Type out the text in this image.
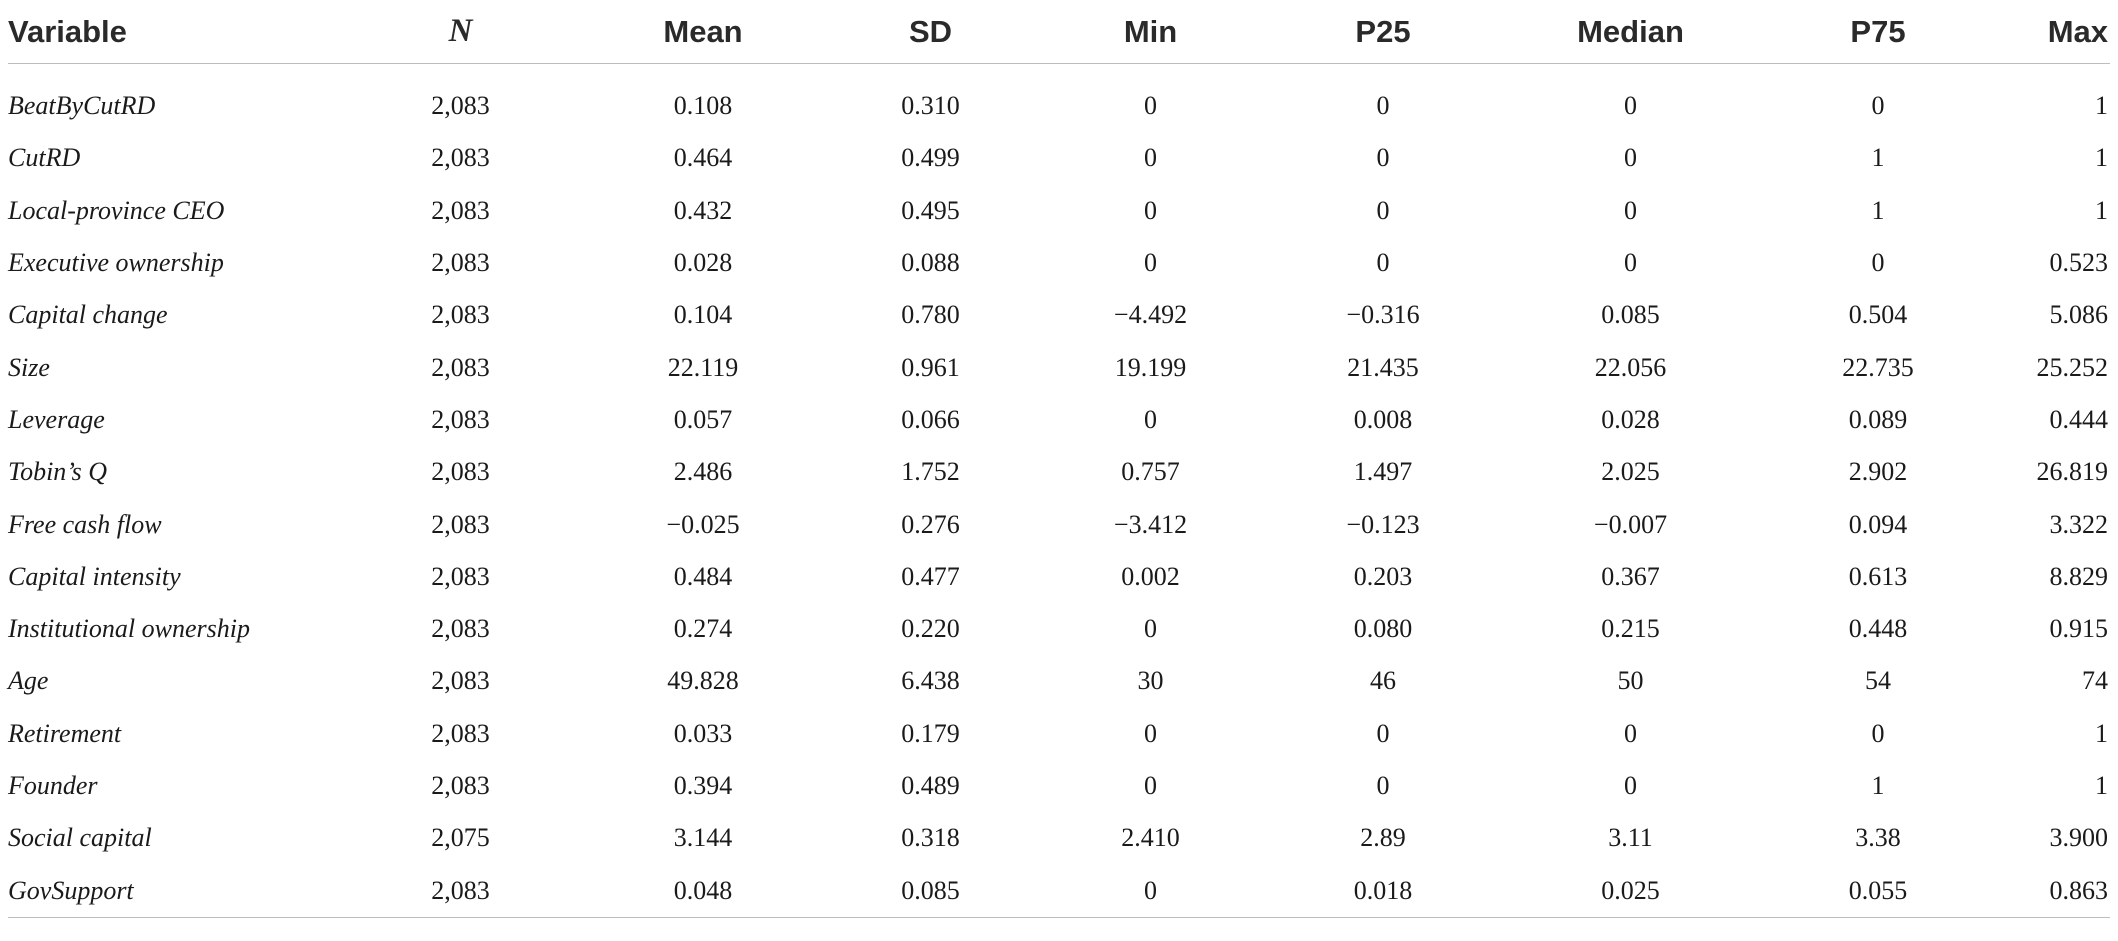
Variable	N	Mean	SD	Min	P25	Median	P75	Max

BeatByCutRD	2,083	0.108	0.310	0	0	0	0	1
CutRD	2,083	0.464	0.499	0	0	0	1	1
Local-province CEO	2,083	0.432	0.495	0	0	0	1	1
Executive ownership	2,083	0.028	0.088	0	0	0	0	0.523
Capital change	2,083	0.104	0.780	−4.492	−0.316	0.085	0.504	5.086
Size	2,083	22.119	0.961	19.199	21.435	22.056	22.735	25.252
Leverage	2,083	0.057	0.066	0	0.008	0.028	0.089	0.444
Tobin’s Q	2,083	2.486	1.752	0.757	1.497	2.025	2.902	26.819
Free cash flow	2,083	−0.025	0.276	−3.412	−0.123	−0.007	0.094	3.322
Capital intensity	2,083	0.484	0.477	0.002	0.203	0.367	0.613	8.829
Institutional ownership	2,083	0.274	0.220	0	0.080	0.215	0.448	0.915
Age	2,083	49.828	6.438	30	46	50	54	74
Retirement	2,083	0.033	0.179	0	0	0	0	1
Founder	2,083	0.394	0.489	0	0	0	1	1
Social capital	2,075	3.144	0.318	2.410	2.89	3.11	3.38	3.900
GovSupport	2,083	0.048	0.085	0	0.018	0.025	0.055	0.863
